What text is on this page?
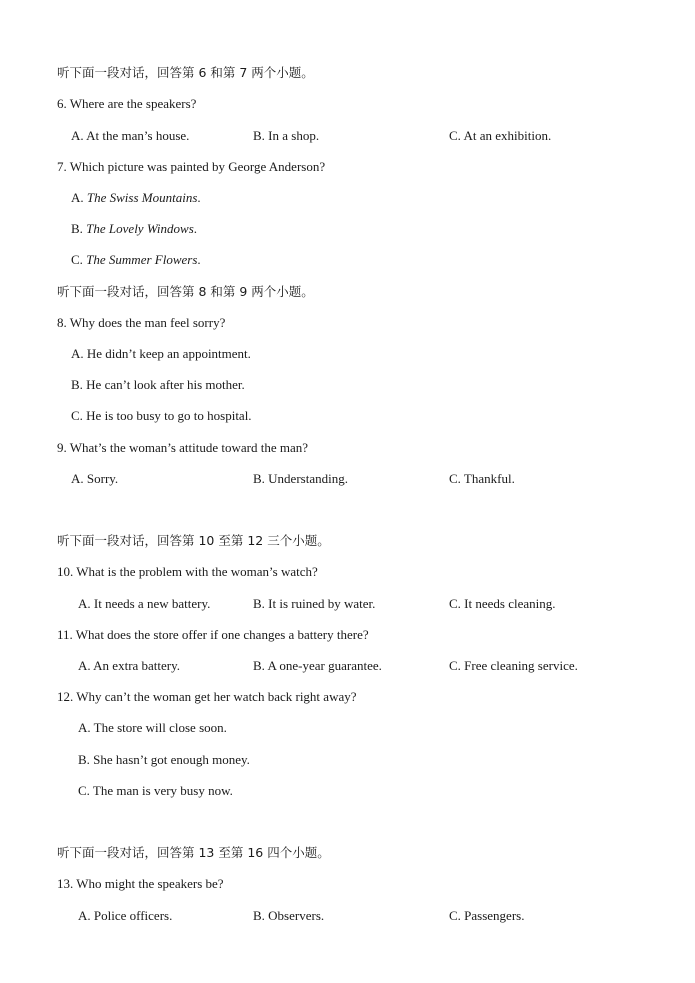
听下面一段对话，回答第 6 和第 7 两个小题。
6. Where are the speakers?
A. At the man’s house.	B. In a shop.	C. At an exhibition.
7. Which picture was painted by George Anderson?
A. The Swiss Mountains.
B. The Lovely Windows.
C. The Summer Flowers.
听下面一段对话，回答第 8 和第 9 两个小题。
8. Why does the man feel sorry?
A. He didn’t keep an appointment.
B. He can’t look after his mother.
C. He is too busy to go to hospital.
9. What’s the woman’s attitude toward the man?
A. Sorry.	B. Understanding.	C. Thankful.
听下面一段对话，回答第 10 至第 12 三个小题。
10. What is the problem with the woman’s watch?
A. It needs a new battery.	B. It is ruined by water.	C. It needs cleaning.
11. What does the store offer if one changes a battery there?
A. An extra battery.	B. A one-year guarantee.	C. Free cleaning service.
12. Why can’t the woman get her watch back right away?
A. The store will close soon.
B. She hasn’t got enough money.
C. The man is very busy now.
听下面一段对话，回答第 13 至第 16 四个小题。
13. Who might the speakers be?
A. Police officers.	B. Observers.	C. Passengers.
